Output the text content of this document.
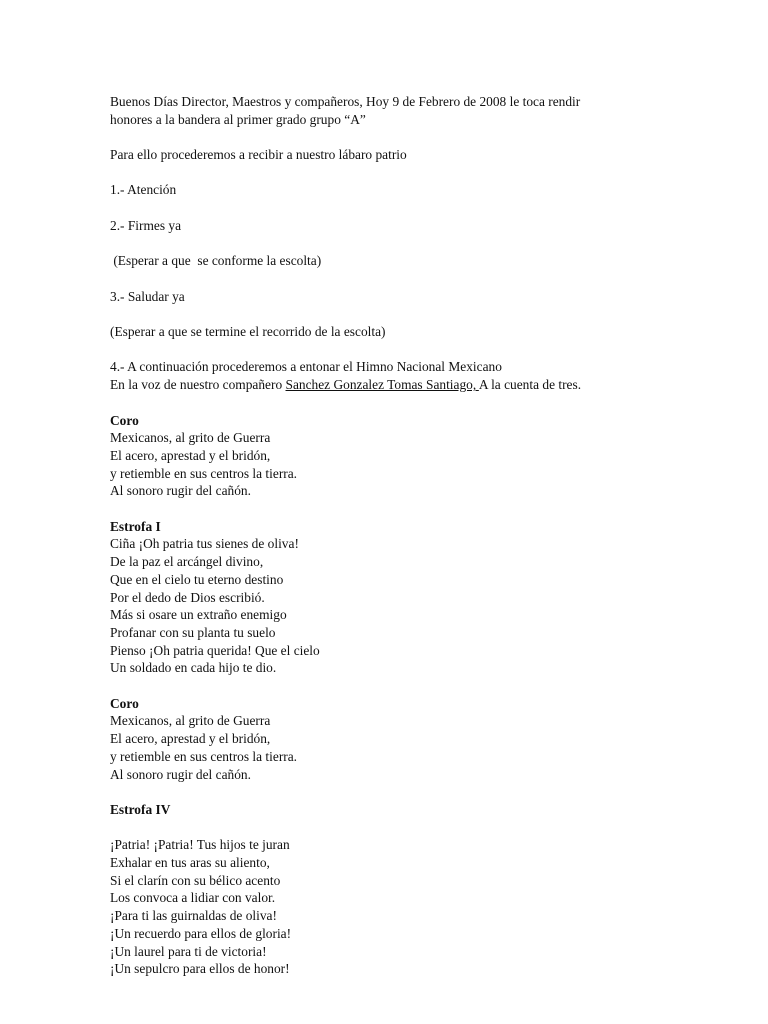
Buenos Días Director, Maestros y compañeros, Hoy 9 de Febrero de 2008 le toca rendir
honores a la bandera al primer grado grupo “A”

Para ello procederemos a recibir a nuestro lábaro patrio

1.- Atención

2.- Firmes ya

(Esperar a que  se conforme la escolta)

3.- Saludar ya

(Esperar a que se termine el recorrido de la escolta)

4.- A continuación procederemos a entonar el Himno Nacional Mexicano
En la voz de nuestro compañero Sanchez Gonzalez Tomas Santiago, A la cuenta de tres.

Coro
Mexicanos, al grito de Guerra
El acero, aprestad y el bridón,
y retiemble en sus centros la tierra.
Al sonoro rugir del cañón.
Estrofa I
Ciña ¡Oh patria tus sienes de oliva!
De la paz el arcángel divino,
Que en el cielo tu eterno destino
Por el dedo de Dios escribió.
Más si osare un extraño enemigo
Profanar con su planta tu suelo
Pienso ¡Oh patria querida! Que el cielo
Un soldado en cada hijo te dio.
Coro
Mexicanos, al grito de Guerra
El acero, aprestad y el bridón,
y retiemble en sus centros la tierra.
Al sonoro rugir del cañón.
Estrofa IV
¡Patria! ¡Patria! Tus hijos te juran
Exhalar en tus aras su aliento,
Si el clarín con su bélico acento
Los convoca a lidiar con valor.
¡Para ti las guirnaldas de oliva!
¡Un recuerdo para ellos de gloria!
¡Un laurel para ti de victoria!
¡Un sepulcro para ellos de honor!
